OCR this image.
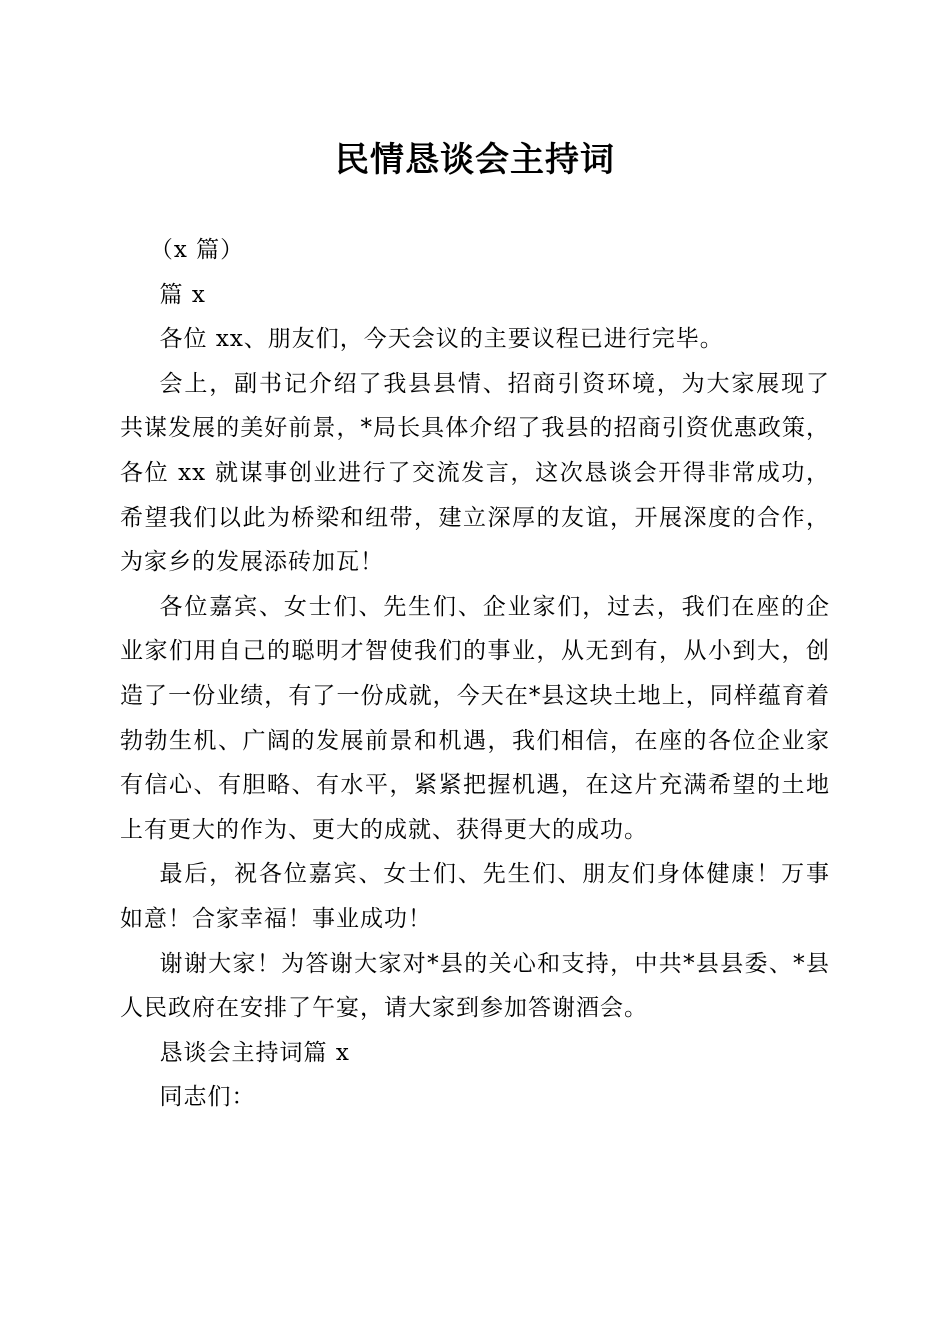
民情恳谈会主持词

（x 篇）

篇 x

各位 xx、朋友们，今天会议的主要议程已进行完毕。

会上，副书记介绍了我县县情、招商引资环境，为大家展现了共谋发展的美好前景，*局长具体介绍了我县的招商引资优惠政策，各位 xx 就谋事创业进行了交流发言，这次恳谈会开得非常成功，希望我们以此为桥梁和纽带，建立深厚的友谊，开展深度的合作，为家乡的发展添砖加瓦！

各位嘉宾、女士们、先生们、企业家们，过去，我们在座的企业家们用自己的聪明才智使我们的事业，从无到有，从小到大，创造了一份业绩，有了一份成就，今天在*县这块土地上，同样蕴育着勃勃生机、广阔的发展前景和机遇，我们相信，在座的各位企业家有信心、有胆略、有水平，紧紧把握机遇，在这片充满希望的土地上有更大的作为、更大的成就、获得更大的成功。

最后，祝各位嘉宾、女士们、先生们、朋友们身体健康！万事如意！合家幸福！事业成功！

谢谢大家！为答谢大家对*县的关心和支持，中共*县县委、*县人民政府在安排了午宴，请大家到参加答谢酒会。

恳谈会主持词篇 x

同志们：
